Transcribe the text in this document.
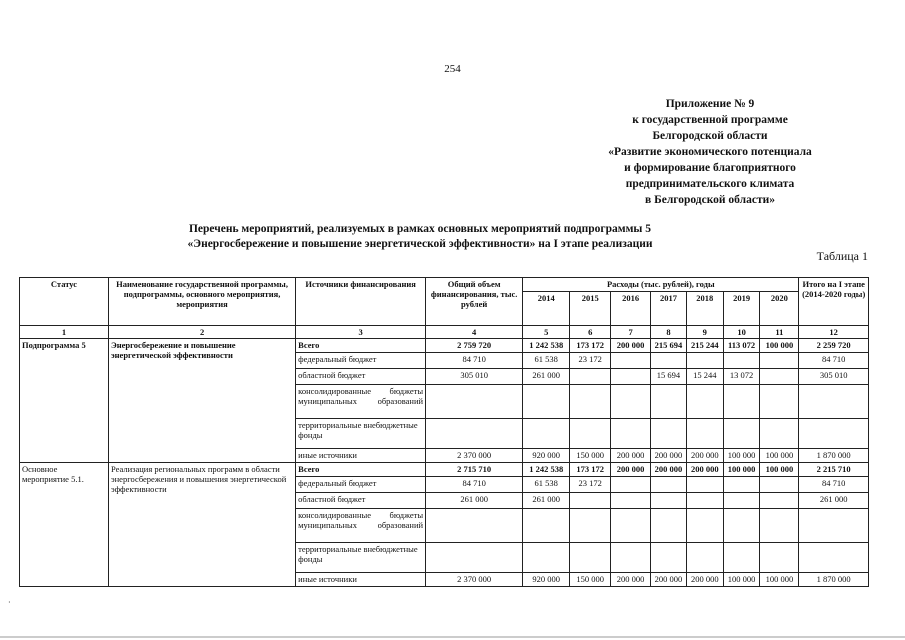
254
Приложение № 9
к государственной программе
Белгородской области
«Развитие экономического потенциала
и формирование благоприятного
предпринимательского климата
в Белгородской области»
Перечень мероприятий, реализуемых в рамках основных мероприятий подпрограммы 5
«Энергосбережение и повышение энергетической эффективности» на I этапе реализации
Таблица 1
Статус	Наименование государственной программы, подпрограммы, основного мероприятия, мероприятия	Источники финансирования	Общий объем финансирования, тыс. рублей	Расходы (тыс. рублей), годы							Итого на I этапе (2014-2020 годы)
				2014	2015	2016	2017	2018	2019	2020	
1	2	3	4	5	6	7	8	9	10	11	12
Подпрограмма 5	Энергосбережение и повышение энергетической эффективности	Всего	2 759 720	1 242 538	173 172	200 000	215 694	215 244	113 072	100 000	2 259 720
		федеральный бюджет	84 710	61 538	23 172						84 710
		областной бюджет	305 010	261 000			15 694	15 244	13 072		305 010
		консолидированные бюджеты муниципальных образований									
		территориальные внебюджетные фонды									
		иные источники	2 370 000	920 000	150 000	200 000	200 000	200 000	100 000	100 000	1 870 000
Основное мероприятие 5.1.	Реализация региональных программ в области энергосбережения и повышения энергетической эффективности	Всего	2 715 710	1 242 538	173 172	200 000	200 000	200 000	100 000	100 000	2 215 710
		федеральный бюджет	84 710	61 538	23 172						84 710
		областной бюджет	261 000	261 000							261 000
		консолидированные бюджеты муниципальных образований									
		территориальные внебюджетные фонды									
		иные источники	2 370 000	920 000	150 000	200 000	200 000	200 000	100 000	100 000	1 870 000
·
